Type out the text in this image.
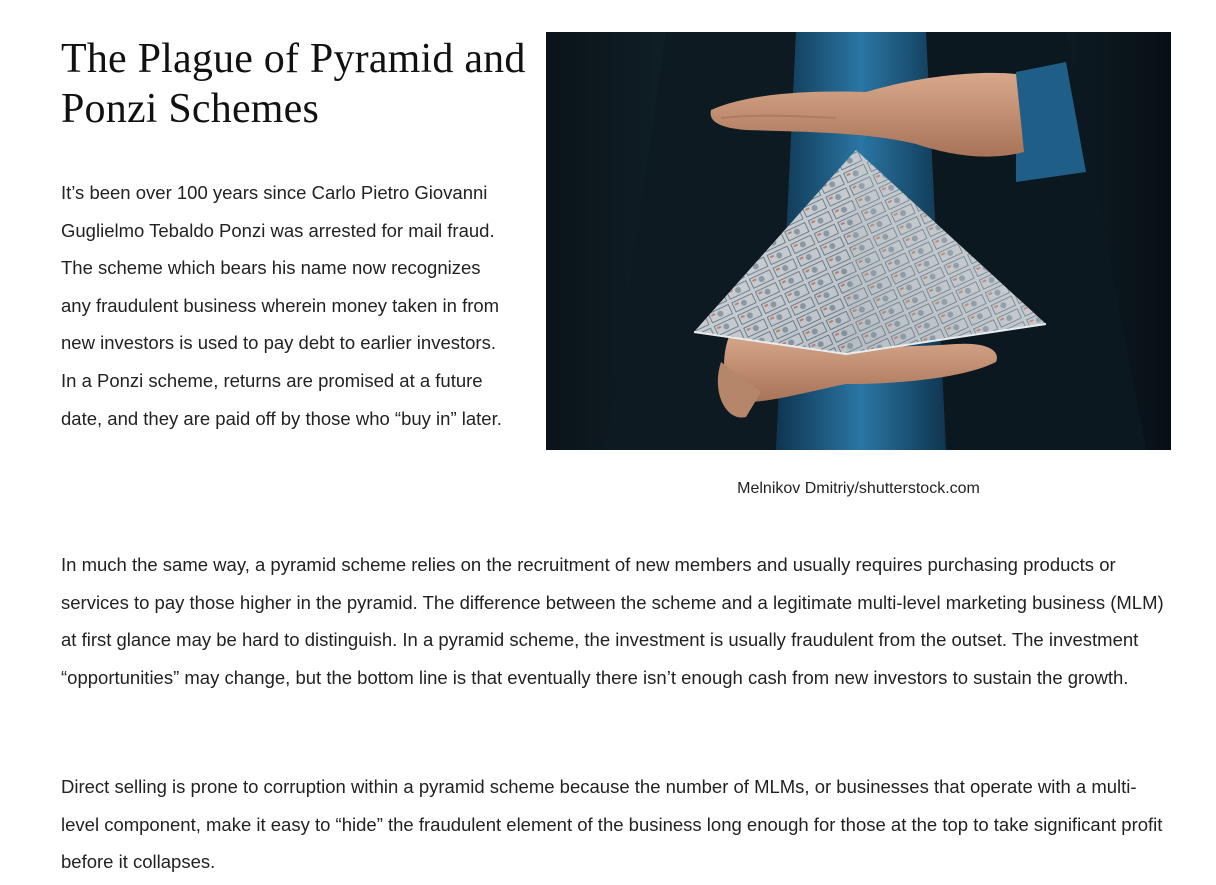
The Plague of Pyramid and Ponzi Schemes

It’s been over 100 years since Carlo Pietro Giovanni Guglielmo Tebaldo Ponzi was arrested for mail fraud. The scheme which bears his name now recognizes any fraudulent business wherein money taken in from new investors is used to pay debt to earlier investors. In a Ponzi scheme, returns are promised at a future date, and they are paid off by those who “buy in” later.

Melnikov Dmitriy/shutterstock.com

In much the same way, a pyramid scheme relies on the recruitment of new members and usually requires purchasing products or services to pay those higher in the pyramid. The difference between the scheme and a legitimate multi-level marketing business (MLM) at first glance may be hard to distinguish. In a pyramid scheme, the investment is usually fraudulent from the outset. The investment “opportunities” may change, but the bottom line is that eventually there isn’t enough cash from new investors to sustain the growth.

Direct selling is prone to corruption within a pyramid scheme because the number of MLMs, or businesses that operate with a multi-level component, make it easy to “hide” the fraudulent element of the business long enough for those at the top to take significant profit before it collapses.
